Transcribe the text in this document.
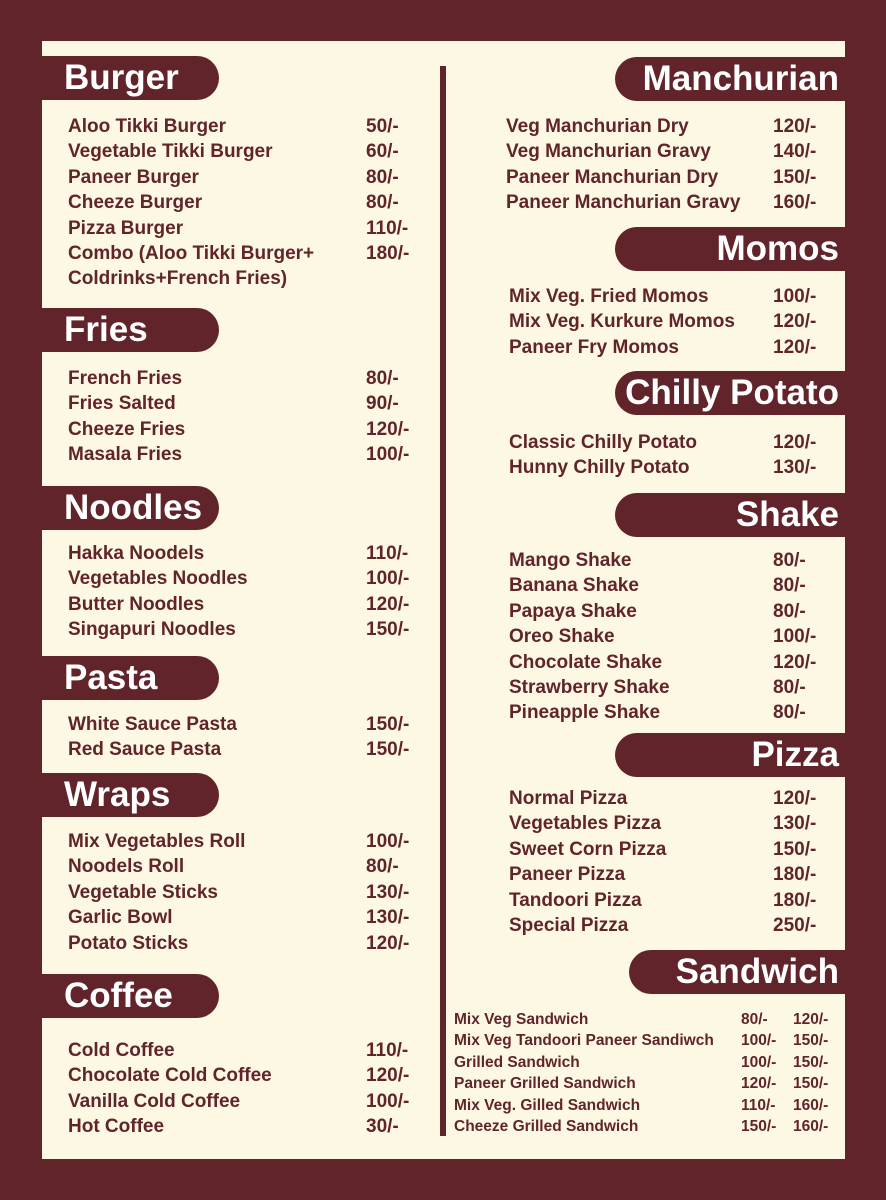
Burger
Aloo Tikki Burger	50/-
Vegetable Tikki Burger	60/-
Paneer Burger	80/-
Cheeze Burger	80/-
Pizza Burger	110/-
Combo (Aloo Tikki Burger+	180/-
Coldrinks+French Fries)
Fries
French Fries	80/-
Fries Salted	90/-
Cheeze Fries	120/-
Masala Fries	100/-
Noodles
Hakka Noodels	110/-
Vegetables Noodles	100/-
Butter Noodles	120/-
Singapuri Noodles	150/-
Pasta
White Sauce Pasta	150/-
Red Sauce Pasta	150/-
Wraps
Mix Vegetables Roll	100/-
Noodels Roll	80/-
Vegetable Sticks	130/-
Garlic Bowl	130/-
Potato Sticks	120/-
Coffee
Cold Coffee	110/-
Chocolate Cold Coffee	120/-
Vanilla Cold Coffee	100/-
Hot Coffee	30/-
Manchurian
Veg Manchurian Dry	120/-
Veg Manchurian Gravy	140/-
Paneer Manchurian Dry	150/-
Paneer Manchurian Gravy 160/-
Momos
Mix Veg. Fried Momos	100/-
Mix Veg. Kurkure Momos 120/-
Paneer Fry Momos	120/-
Chilly Potato
Classic Chilly Potato	120/-
Hunny Chilly Potato	130/-
Shake
Mango Shake	80/-
Banana Shake	80/-
Papaya Shake	80/-
Oreo Shake	100/-
Chocolate Shake	120/-
Strawberry Shake	80/-
Pineapple Shake	80/-
Pizza
Normal Pizza	120/-
Vegetables Pizza	130/-
Sweet Corn Pizza	150/-
Paneer Pizza	180/-
Tandoori Pizza	180/-
Special Pizza	250/-
Sandwich
Mix Veg Sandwich	80/- 120/-
Mix Veg Tandoori Paneer Sandiwch 100/- 150/-
Grilled Sandwich	100/- 150/-
Paneer Grilled Sandwich	120/- 150/-
Mix Veg. Gilled Sandwich	110/- 160/-
Cheeze Grilled Sandwich	150/- 160/-
